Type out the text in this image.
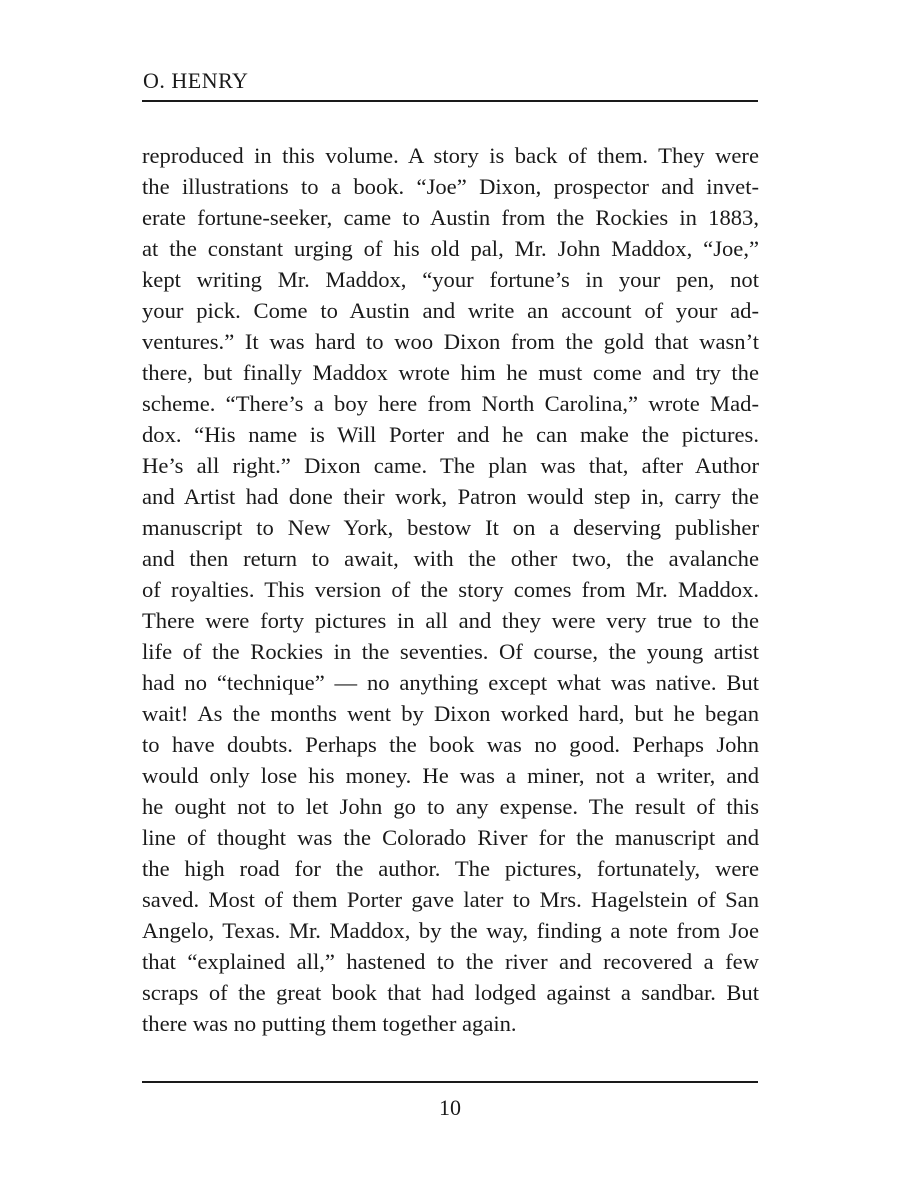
O. HENRY
reproduced in this volume. A story is back of them. They were
the illustrations to a book. “Joe” Dixon, prospector and invet-
erate fortune-seeker, came to Austin from the Rockies in 1883,
at the constant urging of his old pal, Mr. John Maddox, “Joe,”
kept writing Mr. Maddox, “your fortune’s in your pen, not
your pick. Come to Austin and write an account of your ad-
ventures.” It was hard to woo Dixon from the gold that wasn’t
there, but finally Maddox wrote him he must come and try the
scheme. “There’s a boy here from North Carolina,” wrote Mad-
dox. “His name is Will Porter and he can make the pictures.
He’s all right.” Dixon came. The plan was that, after Author
and Artist had done their work, Patron would step in, carry the
manuscript to New York, bestow It on a deserving publisher
and then return to await, with the other two, the avalanche
of royalties. This version of the story comes from Mr. Maddox.
There were forty pictures in all and they were very true to the
life of the Rockies in the seventies. Of course, the young artist
had no “technique” — no anything except what was native. But
wait! As the months went by Dixon worked hard, but he began
to have doubts. Perhaps the book was no good. Perhaps John
would only lose his money. He was a miner, not a writer, and
he ought not to let John go to any expense. The result of this
line of thought was the Colorado River for the manuscript and
the high road for the author. The pictures, fortunately, were
saved. Most of them Porter gave later to Mrs. Hagelstein of San
Angelo, Texas. Mr. Maddox, by the way, finding a note from Joe
that “explained all,” hastened to the river and recovered a few
scraps of the great book that had lodged against a sandbar. But
there was no putting them together again.
10
